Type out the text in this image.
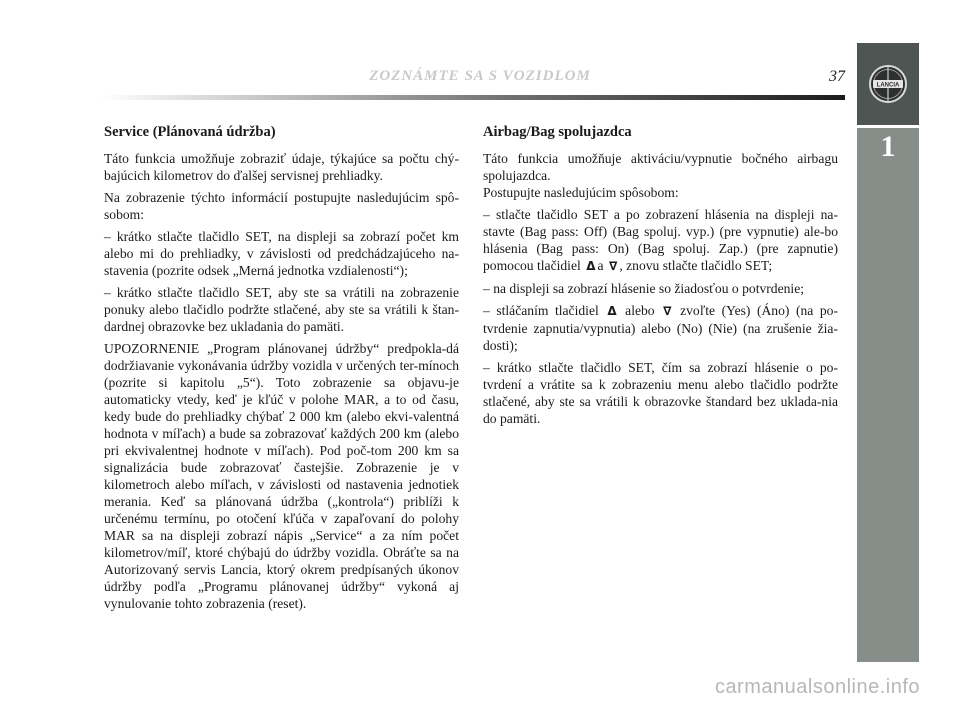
ZOZNÁMTE SA S VOZIDLOM	37
LANCIA
1
Service (Plánovaná údržba)

Táto funkcia umožňuje zobraziť údaje, týkajúce sa počtu chý-bajúcich kilometrov do ďalšej servisnej prehliadky.

Na zobrazenie týchto informácií postupujte nasledujúcim spô-sobom:

– krátko stlačte tlačidlo SET, na displeji sa zobrazí počet km alebo mi do prehliadky, v závislosti od predchádzajúceho na-stavenia (pozrite odsek „Merná jednotka vzdialenosti“);

– krátko stlačte tlačidlo SET, aby ste sa vrátili na zobrazenie ponuky alebo tlačidlo podržte stlačené, aby ste sa vrátili k štan-dardnej obrazovke bez ukladania do pamäti.

UPOZORNENIE „Program plánovanej údržby“ predpokla-dá dodržiavanie vykonávania údržby vozidla v určených ter-mínoch (pozrite si kapitolu „5“). Toto zobrazenie sa objavu-je automaticky vtedy, keď je kľúč v polohe MAR, a to od času, kedy bude do prehliadky chýbať 2 000 km (alebo ekvi-valentná hodnota v míľach) a bude sa zobrazovať každých 200 km (alebo pri ekvivalentnej hodnote v míľach). Pod poč-tom 200 km sa signalizácia bude zobrazovať častejšie. Zobrazenie je v kilometroch alebo míľach, v závislosti od nastavenia jednotiek merania. Keď sa plánovaná údržba („kontrola“) priblíži k určenému termínu, po otočení kľúča v zapaľovaní do polohy MAR sa na displeji zobrazí nápis „Service“ a za ním počet kilometrov/míľ, ktoré chýbajú do údržby vozidla. Obráťte sa na Autorizovaný servis Lancia, ktorý okrem predpísaných úkonov údržby podľa „Programu plánovanej údržby“ vykoná aj vynulovanie tohto zobrazenia (reset).

Airbag/Bag spolujazdca

Táto funkcia umožňuje aktiváciu/vypnutie bočného airbagu spolujazdca.

Postupujte nasledujúcim spôsobom:

– stlačte tlačidlo SET a po zobrazení hlásenia na displeji na-stavte (Bag pass: Off) (Bag spoluj. vyp.) (pre vypnutie) ale-bo hlásenia (Bag pass: On) (Bag spoluj. Zap.) (pre zapnutie) pomocou tlačidiel Δ a ∇ , znovu stlačte tlačidlo SET;

– na displeji sa zobrazí hlásenie so žiadosťou o potvrdenie;

– stláčaním tlačidiel Δ alebo ∇ zvoľte (Yes) (Áno) (na po-tvrdenie zapnutia/vypnutia) alebo (No) (Nie) (na zrušenie žia-dosti);

– krátko stlačte tlačidlo SET, čím sa zobrazí hlásenie o po-tvrdení a vrátite sa k zobrazeniu menu alebo tlačidlo podržte stlačené, aby ste sa vrátili k obrazovke štandard bez uklada-nia do pamäti.

carmanualsonline.info
